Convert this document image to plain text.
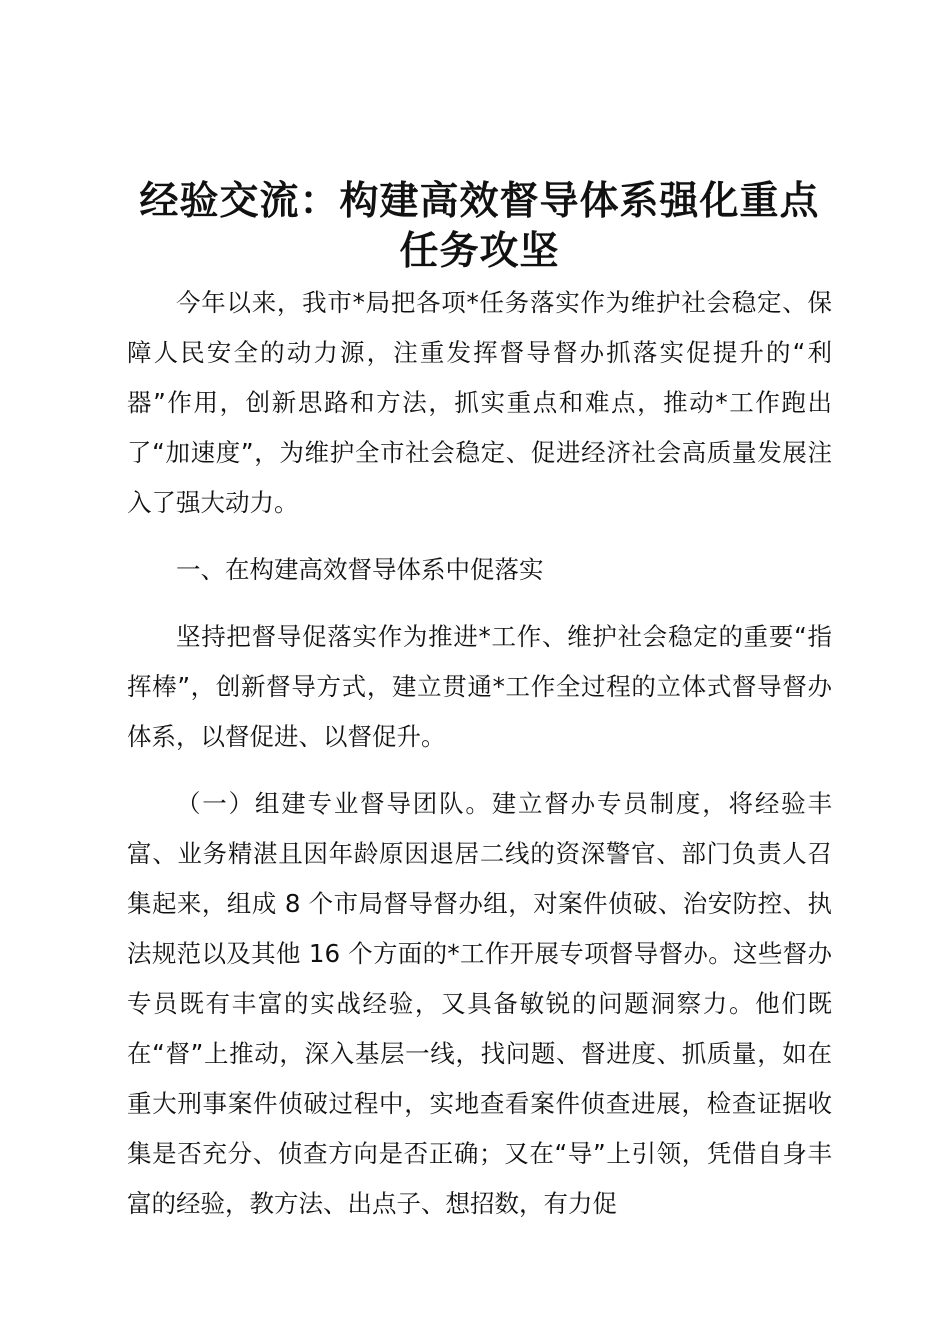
经验交流：构建高效督导体系强化重点任务攻坚

今年以来，我市*局把各项*任务落实作为维护社会稳定、保障人民安全的动力源，注重发挥督导督办抓落实促提升的“利器”作用，创新思路和方法，抓实重点和难点，推动*工作跑出了“加速度”，为维护全市社会稳定、促进经济社会高质量发展注入了强大动力。

一、在构建高效督导体系中促落实

坚持把督导促落实作为推进*工作、维护社会稳定的重要“指挥棒”，创新督导方式，建立贯通*工作全过程的立体式督导督办体系，以督促进、以督促升。

（一）组建专业督导团队。建立督办专员制度，将经验丰富、业务精湛且因年龄原因退居二线的资深警官、部门负责人召集起来，组成 8 个市局督导督办组，对案件侦破、治安防控、执法规范以及其他 16 个方面的*工作开展专项督导督办。这些督办专员既有丰富的实战经验，又具备敏锐的问题洞察力。他们既在“督”上推动，深入基层一线，找问题、督进度、抓质量，如在重大刑事案件侦破过程中，实地查看案件侦查进展，检查证据收集是否充分、侦查方向是否正确；又在“导”上引领，凭借自身丰富的经验，教方法、出点子、想招数，有力促
